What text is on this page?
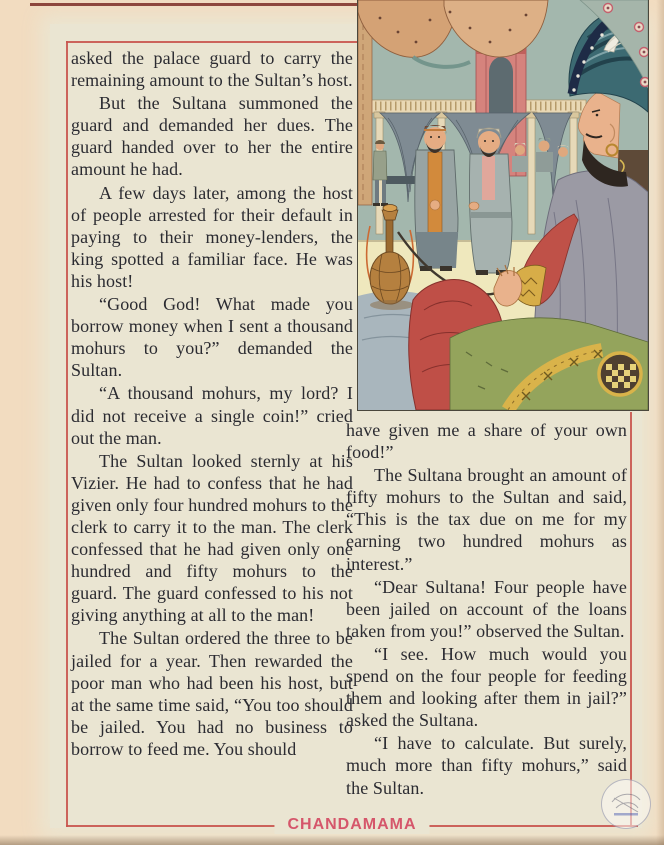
asked the palace guard to carry the remaining amount to the Sultan’s host.

But the Sultana summoned the guard and demanded her dues. The guard handed over to her the entire amount he had.

A few days later, among the host of people arrested for their default in paying to their money-lenders, the king spotted a familiar face. He was his host!

“Good God! What made you borrow money when I sent a thousand mohurs to you?” demanded the Sultan.

“A thousand mohurs, my lord? I did not receive a single coin!” cried out the man.

The Sultan looked sternly at his Vizier. He had to confess that he had given only four hundred mohurs to the clerk to carry it to the man. The clerk confessed that he had given only one hundred and fifty mohurs to the guard. The guard confessed to his not giving anything at all to the man!

The Sultan ordered the three to be jailed for a year. Then rewarded the poor man who had been his host, but at the same time said, “You too should be jailed. You had no business to borrow to feed me. You should

have given me a share of your own food!”

The Sultana brought an amount of fifty mohurs to the Sultan and said, “This is the tax due on me for my earning two hundred mohurs as interest.”

“Dear Sultana! Four people have been jailed on account of the loans taken from you!” observed the Sultan.

“I see. How much would you spend on the four people for feeding them and looking after them in jail?” asked the Sultana.

“I have to calculate. But surely, much more than fifty mohurs,” said the Sultan.

CHANDAMAMA
